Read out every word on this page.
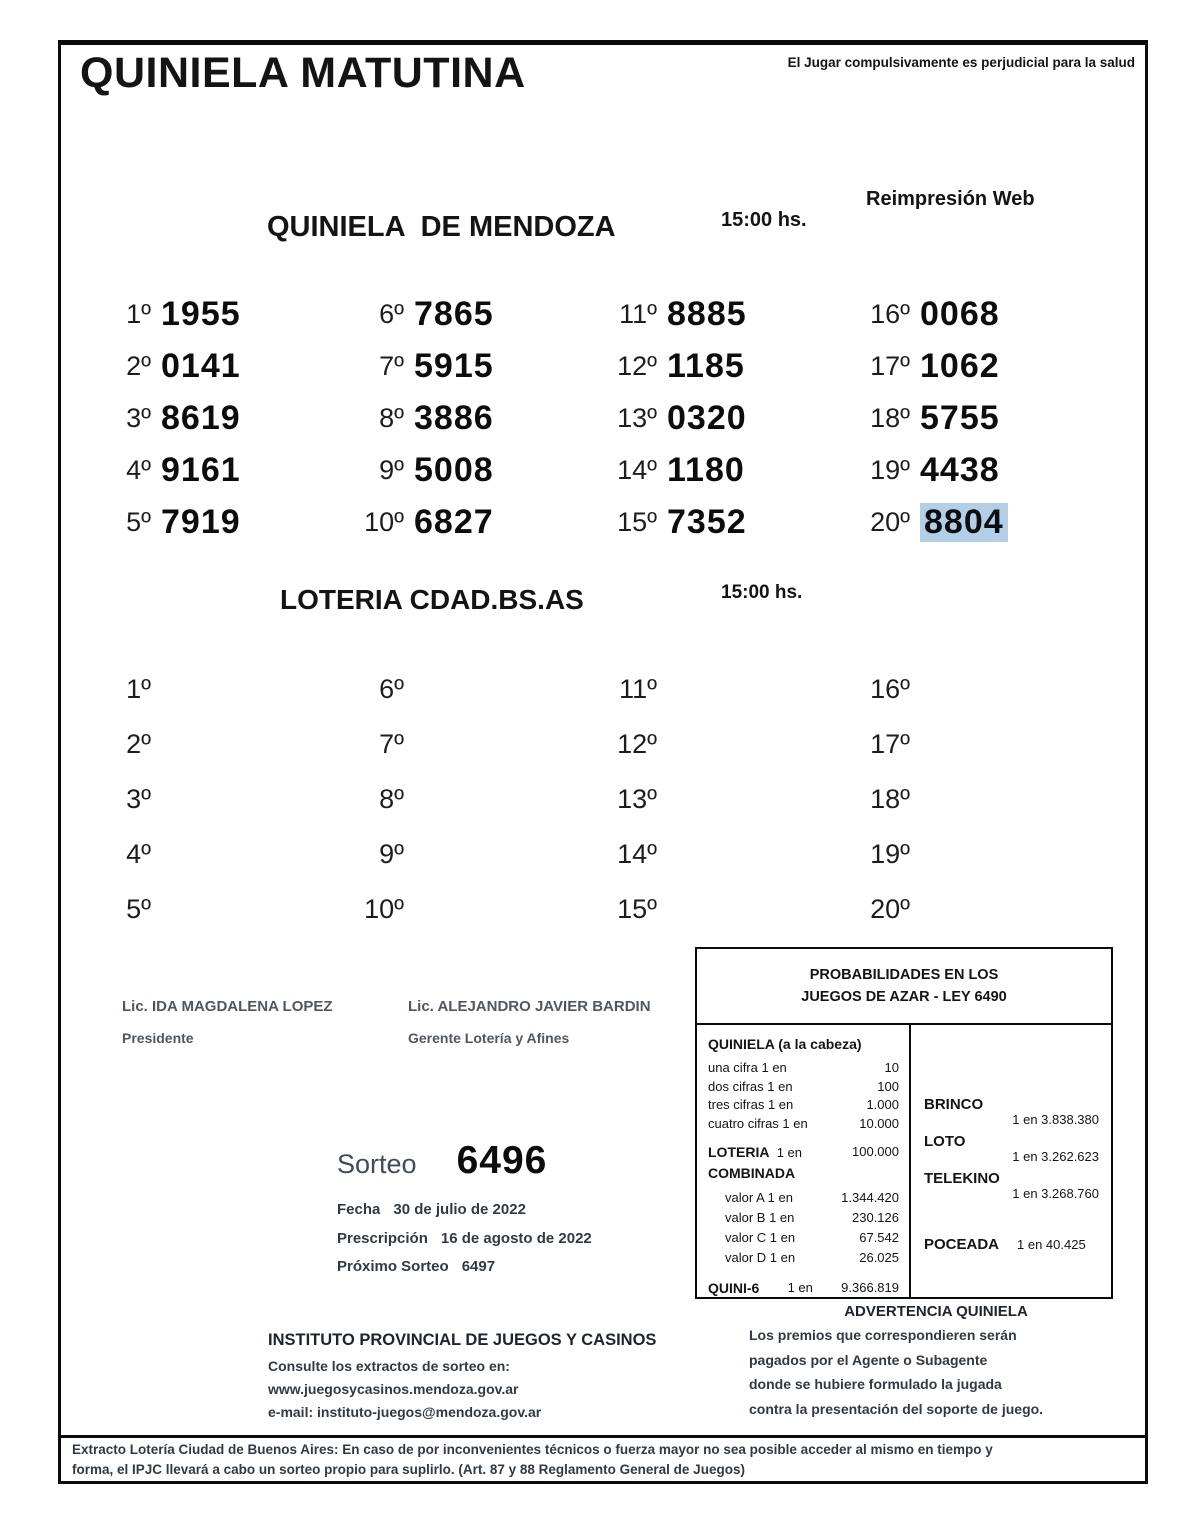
QUINIELA MATUTINA	El Jugar compulsivamente es perjudicial para la salud
QUINIELA  DE MENDOZA	15:00 hs.
Reimpresión Web
1º 1955	6º 7865	11º 8885	16º 0068
2º 0141	7º 5915	12º 1185	17º 1062
3º 8619	8º 3886	13º 0320	18º 5755
4º 9161	9º 5008	14º 1180	19º 4438
5º 7919	10º 6827	15º 7352	20º 8804
LOTERIA CDAD.BS.AS	15:00 hs.
1º	6º	11º	16º
2º	7º	12º	17º
3º	8º	13º	18º
4º	9º	14º	19º
5º	10º	15º	20º
Lic. IDA MAGDALENA LOPEZ
Presidente
Lic. ALEJANDRO JAVIER BARDIN
Gerente Lotería y Afines
PROBABILIDADES EN LOS
JUEGOS DE AZAR - LEY 6490
QUINIELA (a la cabeza)
una cifra 1 en	10
dos cifras 1 en	100
tres cifras 1 en	1.000
cuatro cifras 1 en	10.000
LOTERIA 1 en	100.000
COMBINADA
valor A 1 en	1.344.420
valor B 1 en	230.126
valor C 1 en	67.542
valor D 1 en	26.025
QUINI-6 1 en 9.366.819
BRINCO
1 en 3.838.380
LOTO
1 en 3.262.623
TELEKINO
1 en 3.268.760
POCEADA 1 en 40.425
Sorteo 6496
Fecha 30 de julio de 2022
Prescripción 16 de agosto de 2022
Próximo Sorteo 6497
INSTITUTO PROVINCIAL DE JUEGOS Y CASINOS
Consulte los extractos de sorteo en:
www.juegosycasinos.mendoza.gov.ar
e-mail: instituto-juegos@mendoza.gov.ar
ADVERTENCIA QUINIELA
Los premios que correspondieren serán
pagados por el Agente o Subagente
donde se hubiere formulado la jugada
contra la presentación del soporte de juego.
Extracto Lotería Ciudad de Buenos Aires: En caso de por inconvenientes técnicos o fuerza mayor no sea posible acceder al mismo en tiempo y
forma, el IPJC llevará a cabo un sorteo propio para suplirlo. (Art. 87 y 88 Reglamento General de Juegos)
